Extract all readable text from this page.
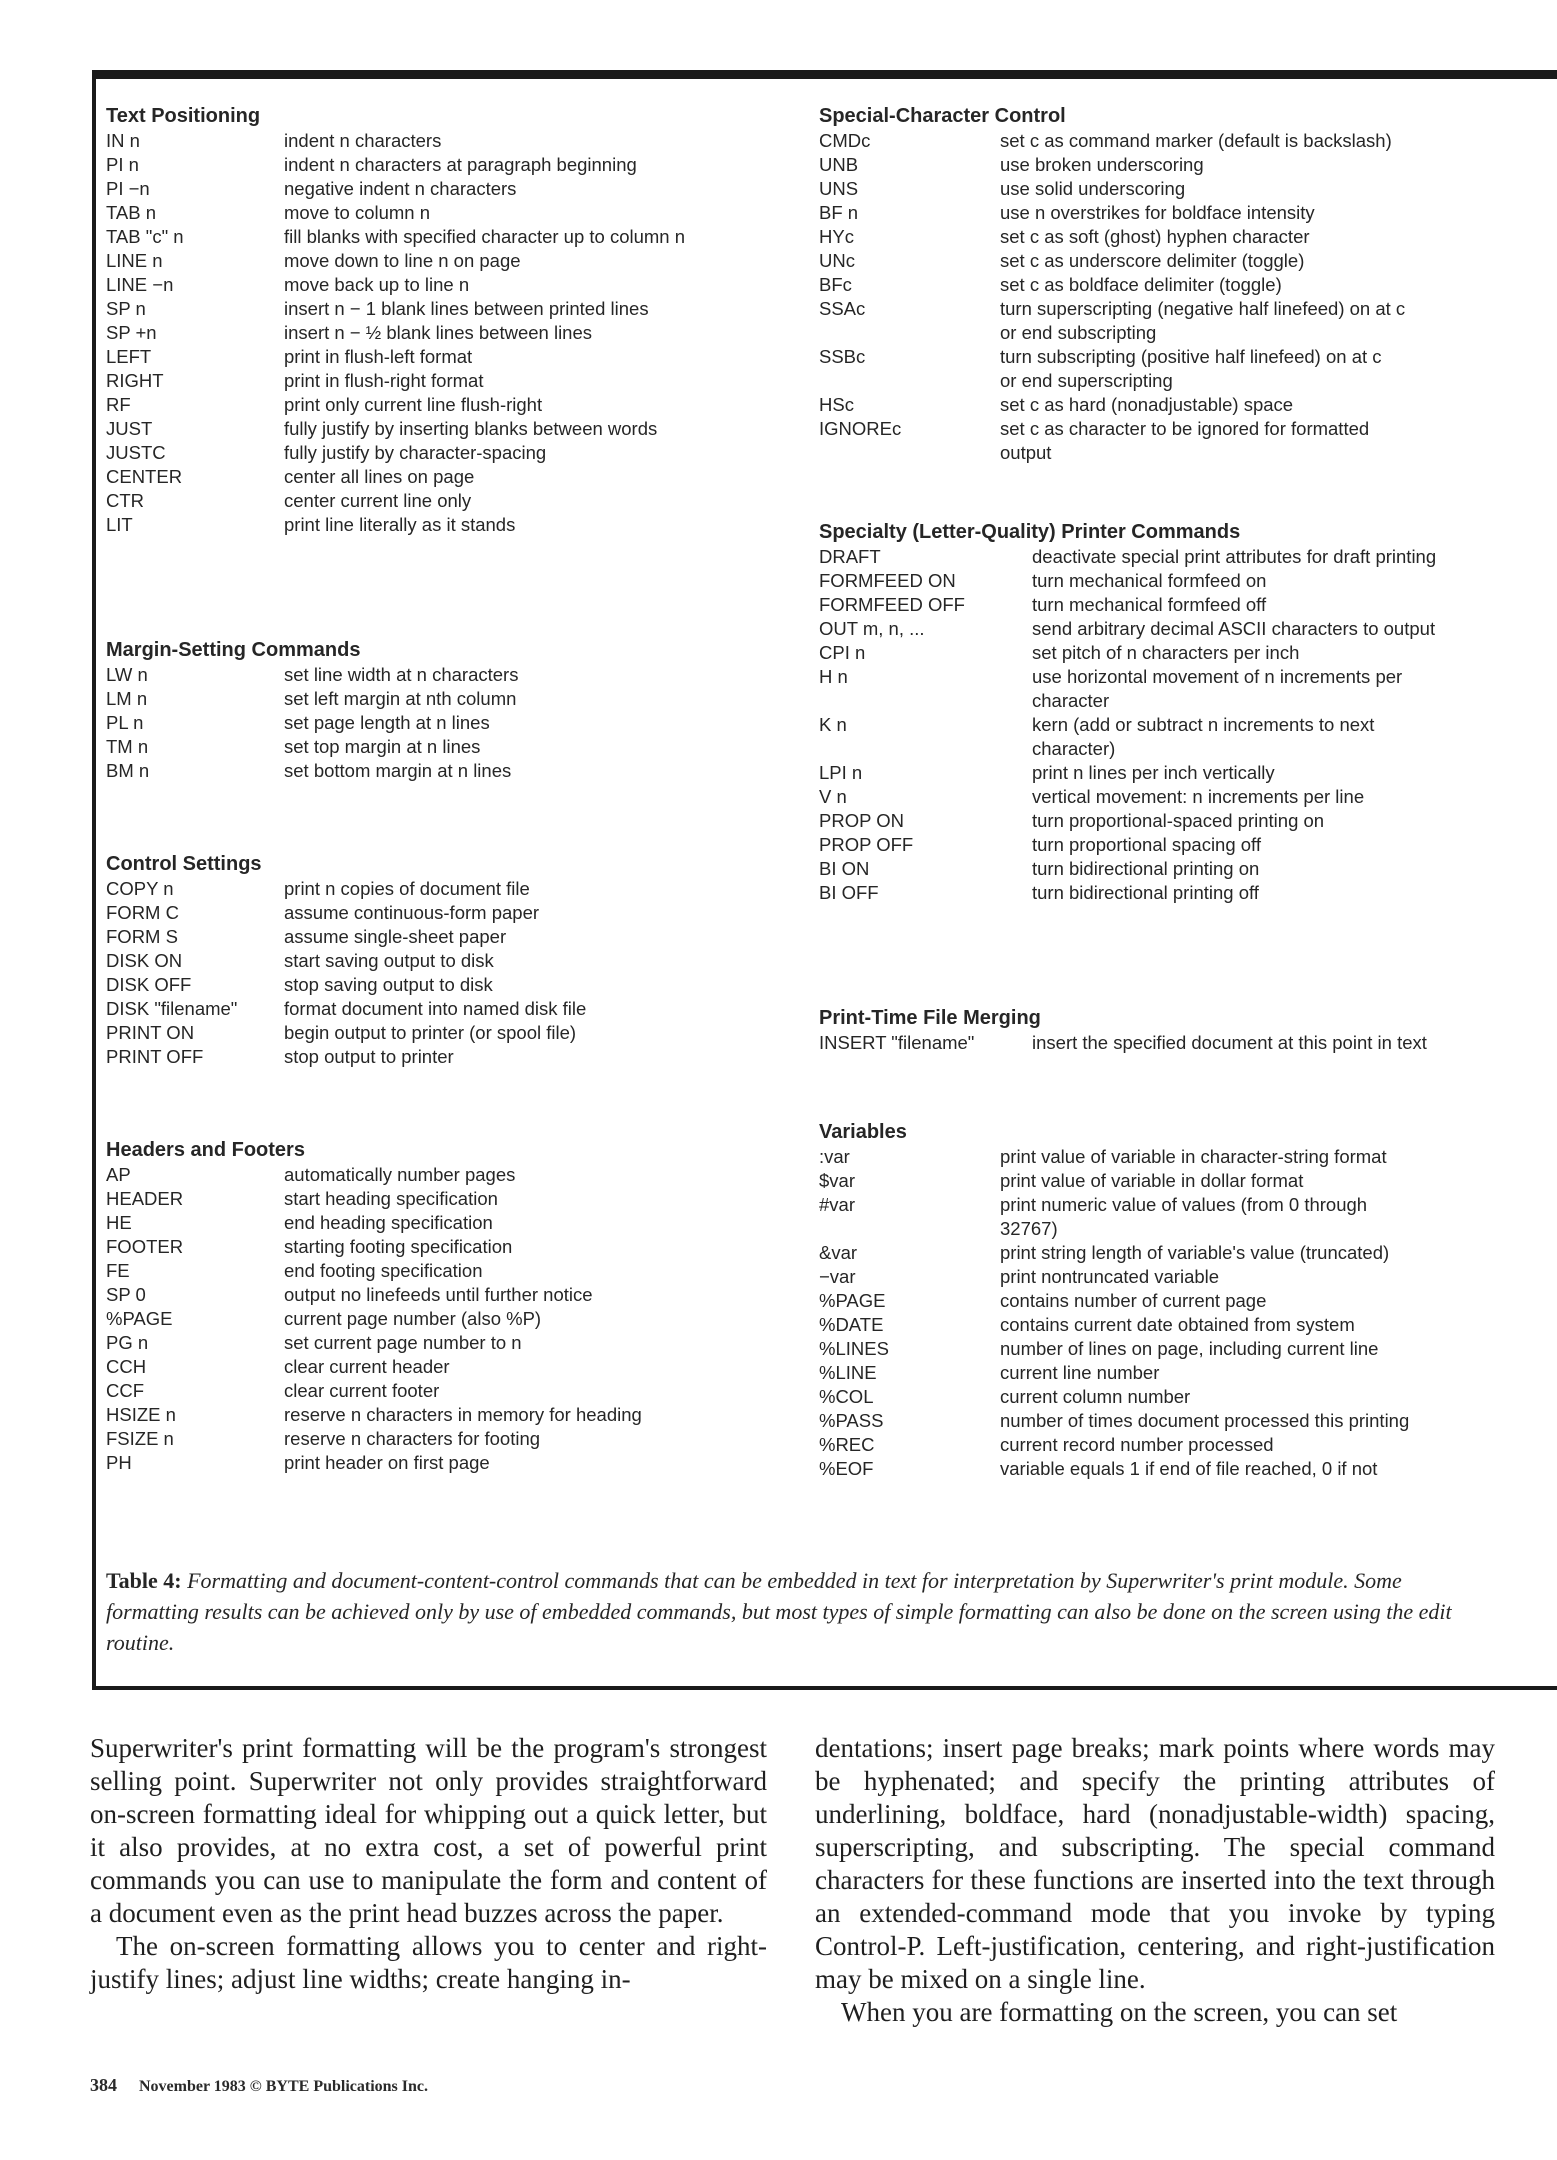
Text Positioning
IN n	indent n characters
PI n	indent n characters at paragraph beginning
PI −n	negative indent n characters
TAB n	move to column n
TAB "c" n	fill blanks with specified character up to column n
LINE n	move down to line n on page
LINE −n	move back up to line n
SP n	insert n − 1 blank lines between printed lines
SP +n	insert n − ½ blank lines between lines
LEFT	print in flush-left format
RIGHT	print in flush-right format
RF	print only current line flush-right
JUST	fully justify by inserting blanks between words
JUSTC	fully justify by character-spacing
CENTER	center all lines on page
CTR	center current line only
LIT	print line literally as it stands
Margin-Setting Commands
LW n	set line width at n characters
LM n	set left margin at nth column
PL n	set page length at n lines
TM n	set top margin at n lines
BM n	set bottom margin at n lines
Control Settings
COPY n	print n copies of document file
FORM C	assume continuous-form paper
FORM S	assume single-sheet paper
DISK ON	start saving output to disk
DISK OFF	stop saving output to disk
DISK "filename"	format document into named disk file
PRINT ON	begin output to printer (or spool file)
PRINT OFF	stop output to printer
Headers and Footers
AP	automatically number pages
HEADER	start heading specification
HE	end heading specification
FOOTER	starting footing specification
FE	end footing specification
SP 0	output no linefeeds until further notice
%PAGE	current page number (also %P)
PG n	set current page number to n
CCH	clear current header
CCF	clear current footer
HSIZE n	reserve n characters in memory for heading
FSIZE n	reserve n characters for footing
PH	print header on first page
Special-Character Control
CMDc	set c as command marker (default is backslash)
UNB	use broken underscoring
UNS	use solid underscoring
BF n	use n overstrikes for boldface intensity
HYc	set c as soft (ghost) hyphen character
UNc	set c as underscore delimiter (toggle)
BFc	set c as boldface delimiter (toggle)
SSAc	turn superscripting (negative half linefeed) on at c
or end subscripting
SSBc	turn subscripting (positive half linefeed) on at c
or end superscripting
HSc	set c as hard (nonadjustable) space
IGNOREc	set c as character to be ignored for formatted
output
Specialty (Letter-Quality) Printer Commands
DRAFT	deactivate special print attributes for draft printing
FORMFEED ON	turn mechanical formfeed on
FORMFEED OFF	turn mechanical formfeed off
OUT m, n, ...	send arbitrary decimal ASCII characters to output
CPI n	set pitch of n characters per inch
H n	use horizontal movement of n increments per
character
K n	kern (add or subtract n increments to next
character)
LPI n	print n lines per inch vertically
V n	vertical movement: n increments per line
PROP ON	turn proportional-spaced printing on
PROP OFF	turn proportional spacing off
BI ON	turn bidirectional printing on
BI OFF	turn bidirectional printing off
Print-Time File Merging
INSERT "filename"	insert the specified document at this point in text
Variables
:var	print value of variable in character-string format
$var	print value of variable in dollar format
#var	print numeric value of values (from 0 through
32767)
&var	print string length of variable's value (truncated)
−var	print nontruncated variable
%PAGE	contains number of current page
%DATE	contains current date obtained from system
%LINES	number of lines on page, including current line
%LINE	current line number
%COL	current column number
%PASS	number of times document processed this printing
%REC	current record number processed
%EOF	variable equals 1 if end of file reached, 0 if not
Table 4: Formatting and document-content-control commands that can be embedded in text for interpretation by Superwriter's print module. Some formatting results can be achieved only by use of embedded commands, but most types of simple formatting can also be done on the screen using the edit routine.

Superwriter's print formatting will be the program's strongest selling point. Superwriter not only provides straightforward on-screen formatting ideal for whipping out a quick letter, but it also provides, at no extra cost, a set of powerful print commands you can use to manipulate the form and content of a document even as the print head buzzes across the paper.

The on-screen formatting allows you to center and right-justify lines; adjust line widths; create hanging in-

dentations; insert page breaks; mark points where words may be hyphenated; and specify the printing attributes of underlining, boldface, hard (nonadjustable-width) spacing, superscripting, and subscripting. The special command characters for these functions are inserted into the text through an extended-command mode that you invoke by typing Control-P. Left-justification, centering, and right-justification may be mixed on a single line.

When you are formatting on the screen, you can set

384 November 1983 © BYTE Publications Inc.
